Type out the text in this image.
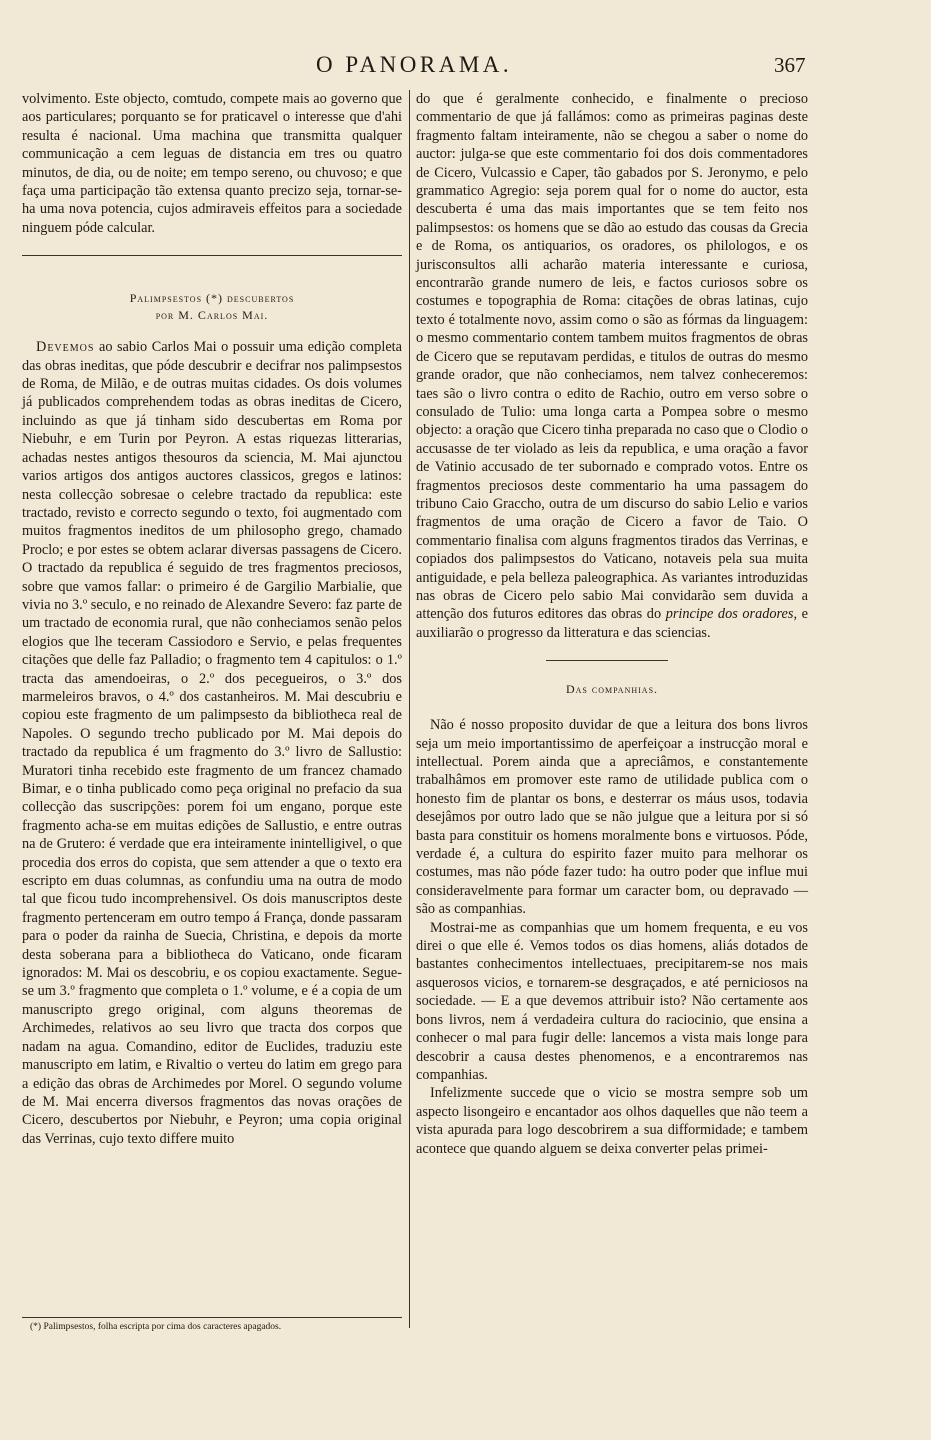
O PANORAMA.	367

volvimento. Este objecto, comtudo, compete mais ao governo que aos particulares; porquanto se for praticavel o interesse que d'ahi resulta é nacional. Uma machina que transmitta qualquer communicação a cem leguas de distancia em tres ou quatro minutos, de dia, ou de noite; em tempo sereno, ou chuvoso; e que faça uma participação tão extensa quanto precizo seja, tornar-se-ha uma nova potencia, cujos admiraveis effeitos para a sociedade ninguem póde calcular.

Palimpsestos (*) descubertos
por M. Carlos Mai.

Devemos ao sabio Carlos Mai o possuir uma edição completa das obras ineditas, que póde descubrir e decifrar nos palimpsestos de Roma, de Milão, e de outras muitas cidades. Os dois volumes já publicados comprehendem todas as obras ineditas de Cicero, incluindo as que já tinham sido descubertas em Roma por Niebuhr, e em Turin por Peyron. A estas riquezas litterarias, achadas nestes antigos thesouros da sciencia, M. Mai ajunctou varios artigos dos antigos auctores classicos, gregos e latinos: nesta collecção sobresae o celebre tractado da republica: este tractado, revisto e correcto segundo o texto, foi augmentado com muitos fragmentos ineditos de um philosopho grego, chamado Proclo; e por estes se obtem aclarar diversas passagens de Cicero. O tractado da republica é seguido de tres fragmentos preciosos, sobre que vamos fallar: o primeiro é de Gargilio Marbialie, que vivia no 3.º seculo, e no reinado de Alexandre Severo: faz parte de um tractado de economia rural, que não conheciamos senão pelos elogios que lhe teceram Cassiodoro e Servio, e pelas frequentes citações que delle faz Palladio; o fragmento tem 4 capitulos: o 1.º tracta das amendoeiras, o 2.º dos pecegueiros, o 3.º dos marmeleiros bravos, o 4.º dos castanheiros. M. Mai descubriu e copiou este fragmento de um palimpsesto da bibliotheca real de Napoles. O segundo trecho publicado por M. Mai depois do tractado da republica é um fragmento do 3.º livro de Sallustio: Muratori tinha recebido este fragmento de um francez chamado Bimar, e o tinha publicado como peça original no prefacio da sua collecção das suscripções: porem foi um engano, porque este fragmento acha-se em muitas edições de Sallustio, e entre outras na de Grutero: é verdade que era inteiramente inintelligivel, o que procedia dos erros do copista, que sem attender a que o texto era escripto em duas columnas, as confundiu uma na outra de modo tal que ficou tudo incomprehensivel. Os dois manuscriptos deste fragmento pertenceram em outro tempo á França, donde passaram para o poder da rainha de Suecia, Christina, e depois da morte desta soberana para a bibliotheca do Vaticano, onde ficaram ignorados: M. Mai os descobriu, e os copiou exactamente. Segue-se um 3.º fragmento que completa o 1.º volume, e é a copia de um manuscripto grego original, com alguns theoremas de Archimedes, relativos ao seu livro que tracta dos corpos que nadam na agua. Comandino, editor de Euclides, traduziu este manuscripto em latim, e Rivaltio o verteu do latim em grego para a edição das obras de Archimedes por Morel. O segundo volume de M. Mai encerra diversos fragmentos das novas orações de Cicero, descubertos por Niebuhr, e Peyron; uma copia original das Verrinas, cujo texto differe muito

(*) Palimpsestos, folha escripta por cima dos caracteres apagados.

do que é geralmente conhecido, e finalmente o precioso commentario de que já fallámos: como as primeiras paginas deste fragmento faltam inteiramente, não se chegou a saber o nome do auctor: julga-se que este commentario foi dos dois commentadores de Cicero, Vulcassio e Caper, tão gabados por S. Jeronymo, e pelo grammatico Agregio: seja porem qual for o nome do auctor, esta descuberta é uma das mais importantes que se tem feito nos palimpsestos: os homens que se dão ao estudo das cousas da Grecia e de Roma, os antiquarios, os oradores, os philologos, e os jurisconsultos alli acharão materia interessante e curiosa, encontrarão grande numero de leis, e factos curiosos sobre os costumes e topographia de Roma: citações de obras latinas, cujo texto é totalmente novo, assim como o são as fórmas da linguagem: o mesmo commentario contem tambem muitos fragmentos de obras de Cicero que se reputavam perdidas, e titulos de outras do mesmo grande orador, que não conheciamos, nem talvez conheceremos: taes são o livro contra o edito de Rachio, outro em verso sobre o consulado de Tulio: uma longa carta a Pompea sobre o mesmo objecto: a oração que Cicero tinha preparada no caso que o Clodio o accusasse de ter violado as leis da republica, e uma oração a favor de Vatinio accusado de ter subornado e comprado votos. Entre os fragmentos preciosos deste commentario ha uma passagem do tribuno Caio Graccho, outra de um discurso do sabio Lelio e varios fragmentos de uma oração de Cicero a favor de Taio. O commentario finalisa com alguns fragmentos tirados das Verrinas, e copiados dos palimpsestos do Vaticano, notaveis pela sua muita antiguidade, e pela belleza paleographica. As variantes introduzidas nas obras de Cicero pelo sabio Mai convidarão sem duvida a attenção dos futuros editores das obras do principe dos oradores, e auxiliarão o progresso da litteratura e das sciencias.

Das companhias.

Não é nosso proposito duvidar de que a leitura dos bons livros seja um meio importantissimo de aperfeiçoar a instrucção moral e intellectual. Porem ainda que a apreciâmos, e constantemente trabalhâmos em promover este ramo de utilidade publica com o honesto fim de plantar os bons, e desterrar os máus usos, todavia desejâmos por outro lado que se não julgue que a leitura por si só basta para constituir os homens moralmente bons e virtuosos. Póde, verdade é, a cultura do espirito fazer muito para melhorar os costumes, mas não póde fazer tudo: ha outro poder que influe mui consideravelmente para formar um caracter bom, ou depravado — são as companhias.

Mostrai-me as companhias que um homem frequenta, e eu vos direi o que elle é. Vemos todos os dias homens, aliás dotados de bastantes conhecimentos intellectuaes, precipitarem-se nos mais asquerosos vicios, e tornarem-se desgraçados, e até perniciosos na sociedade. — E a que devemos attribuir isto? Não certamente aos bons livros, nem á verdadeira cultura do raciocinio, que ensina a conhecer o mal para fugir delle: lancemos a vista mais longe para descobrir a causa destes phenomenos, e a encontraremos nas companhias.

Infelizmente succede que o vicio se mostra sempre sob um aspecto lisongeiro e encantador aos olhos daquelles que não teem a vista apurada para logo descobrirem a sua difformidade; e tambem acontece que quando alguem se deixa converter pelas primei-
